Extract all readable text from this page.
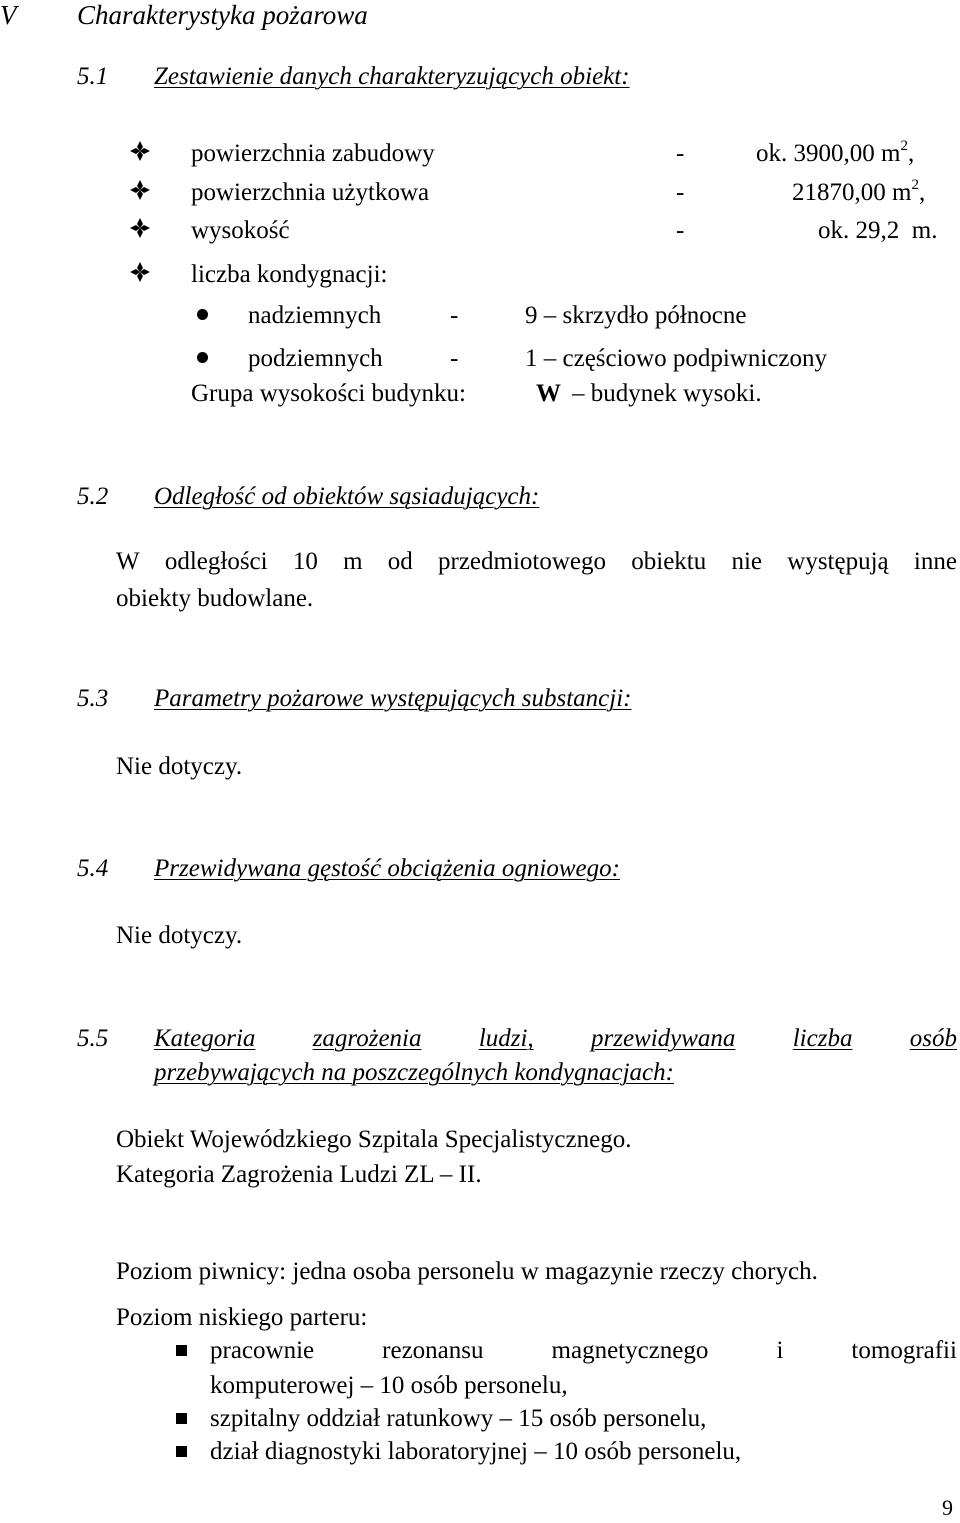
V Charakterystyka pożarowa
5.1 Zestawienie danych charakteryzujących obiekt:
powierzchnia zabudowy	-	ok. 3900,00 $m^2$,
powierzchnia użytkowa	-	21870,00 $m^2$,
wysokość	-	ok. 29,2  m.
liczba kondygnacji:
nadziemnych	-	9 – skrzydło północne
podziemnych	-	1 – częściowo podpiwniczony
Grupa wysokości budynku:	W – budynek wysoki.
5.2 Odległość od obiektów sąsiadujących:
W odległości 10 m od przedmiotowego obiektu nie występują inne
obiekty budowlane.
5.3 Parametry pożarowe występujących substancji:
Nie dotyczy.
5.4 Przewidywana gęstość obciążenia ogniowego:
Nie dotyczy.
5.5 Kategoria zagrożenia ludzi, przewidywana liczba osób
przebywających na poszczególnych kondygnacjach:
Obiekt Wojewódzkiego Szpitala Specjalistycznego.
Kategoria Zagrożenia Ludzi ZL – II.
Poziom piwnicy: jedna osoba personelu w magazynie rzeczy chorych.
Poziom niskiego parteru:
pracownie	rezonansu	magnetycznego	i	tomografii
komputerowej – 10 osób personelu,
szpitalny oddział ratunkowy – 15 osób personelu,
dział diagnostyki laboratoryjnej – 10 osób personelu,
9
